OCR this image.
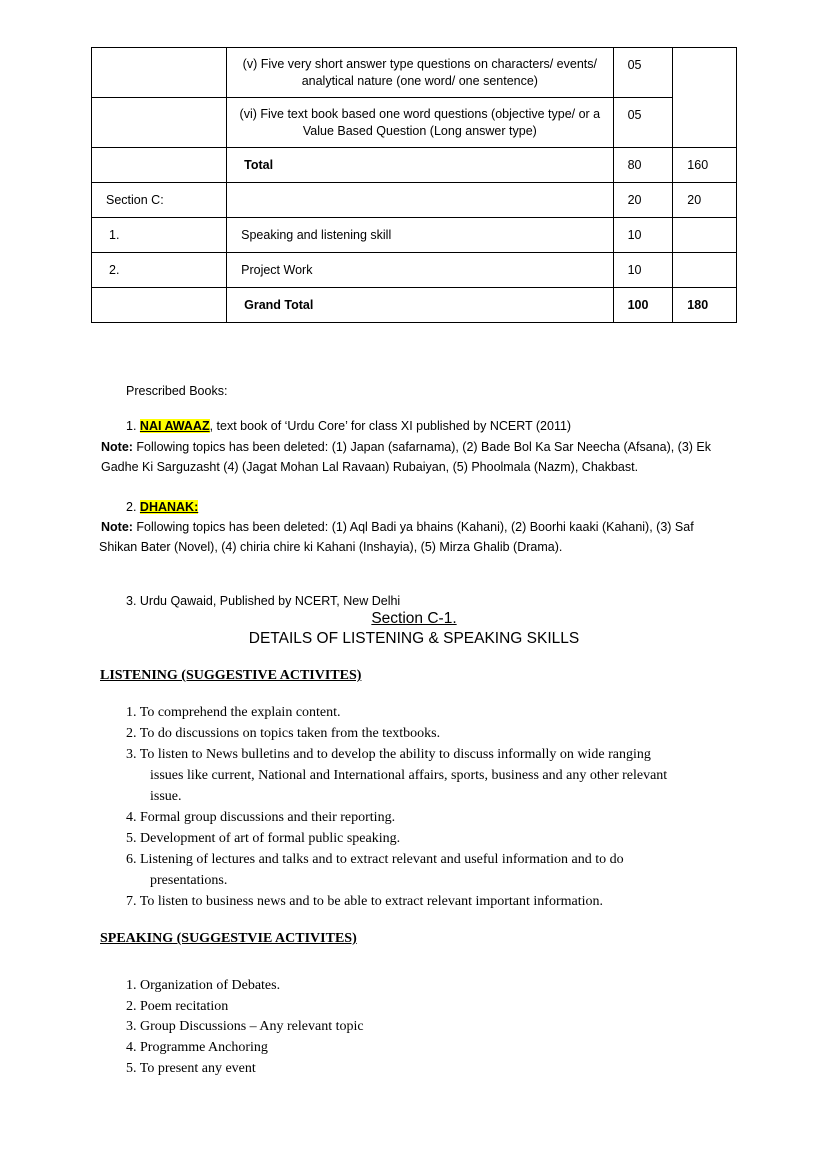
	(v) Five very short answer type questions on characters/ events/ analytical nature (one word/ one sentence)	05	
	(vi) Five text book based one word questions (objective type/ or a Value Based Question (Long answer type)	05	
	Total	80	160
Section C:		20	20
1.	Speaking and listening skill	10	
2.	Project Work	10	
	Grand Total	100	180
Prescribed Books:
1. NAI AWAAZ, text book of ‘Urdu Core’ for class XI published by NCERT (2011)
Note: Following topics has been deleted: (1) Japan (safarnama), (2) Bade Bol Ka Sar Neecha (Afsana), (3) Ek
Gadhe Ki Sarguzasht (4) (Jagat Mohan Lal Ravaan) Rubaiyan, (5) Phoolmala (Nazm), Chakbast.
2. DHANAK:
Note: Following topics has been deleted: (1) Aql Badi ya bhains (Kahani), (2) Boorhi kaaki (Kahani), (3) Saf
Shikan Bater (Novel), (4) chiria chire ki Kahani (Inshayia), (5) Mirza Ghalib (Drama).
3. Urdu Qawaid, Published by NCERT, New Delhi
Section C-1.
DETAILS OF LISTENING & SPEAKING SKILLS
LISTENING (SUGGESTIVE ACTIVITES)
1. To comprehend the explain content.
2. To do discussions on topics taken from the textbooks.
3. To listen to News bulletins and to develop the ability to discuss informally on wide ranging
issues like current, National and International affairs, sports, business and any other relevant
issue.
4. Formal group discussions and their reporting.
5. Development of art of formal public speaking.
6. Listening of lectures and talks and to extract relevant and useful information and to do
presentations.
7. To listen to business news and to be able to extract relevant important information.
SPEAKING (SUGGESTVIE ACTIVITES)
1. Organization of Debates.
2. Poem recitation
3. Group Discussions – Any relevant topic
4. Programme Anchoring
5. To present any event
